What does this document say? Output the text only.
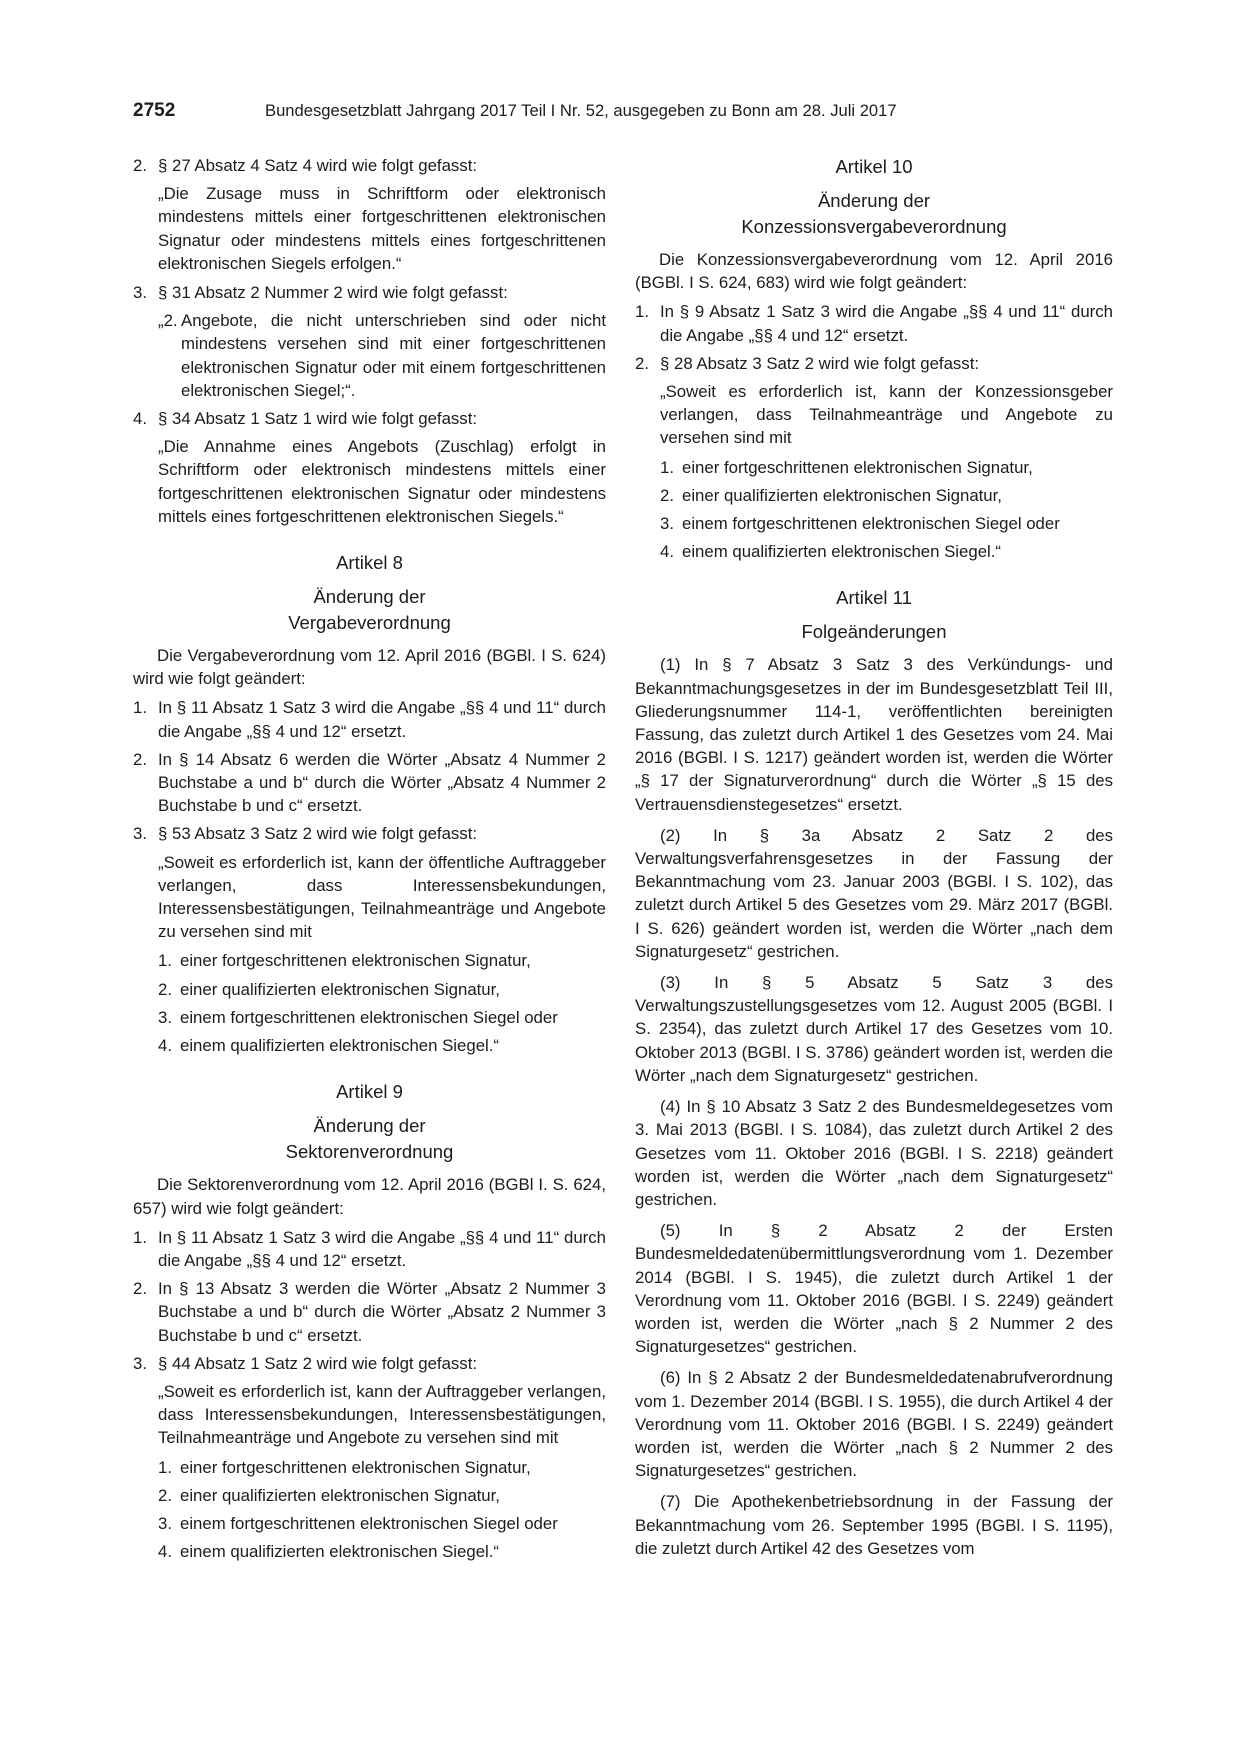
2752	Bundesgesetzblatt Jahrgang 2017 Teil I Nr. 52, ausgegeben zu Bonn am 28. Juli 2017
2. § 27 Absatz 4 Satz 4 wird wie folgt gefasst:
„Die Zusage muss in Schriftform oder elektronisch mindestens mittels einer fortgeschrittenen elektronischen Signatur oder mindestens mittels eines fortgeschrittenen elektronischen Siegels erfolgen.“
3. § 31 Absatz 2 Nummer 2 wird wie folgt gefasst:
„2. Angebote, die nicht unterschrieben sind oder nicht mindestens versehen sind mit einer fortgeschrittenen elektronischen Signatur oder mit einem fortgeschrittenen elektronischen Siegel;“.
4. § 34 Absatz 1 Satz 1 wird wie folgt gefasst:
„Die Annahme eines Angebots (Zuschlag) erfolgt in Schriftform oder elektronisch mindestens mittels einer fortgeschrittenen elektronischen Signatur oder mindestens mittels eines fortgeschrittenen elektronischen Siegels.“
Artikel 8
Änderung der
Vergabeverordnung
Die Vergabeverordnung vom 12. April 2016 (BGBl. I S. 624) wird wie folgt geändert:
1. In § 11 Absatz 1 Satz 3 wird die Angabe „§§ 4 und 11“ durch die Angabe „§§ 4 und 12“ ersetzt.
2. In § 14 Absatz 6 werden die Wörter „Absatz 4 Nummer 2 Buchstabe a und b“ durch die Wörter „Absatz 4 Nummer 2 Buchstabe b und c“ ersetzt.
3. § 53 Absatz 3 Satz 2 wird wie folgt gefasst:
„Soweit es erforderlich ist, kann der öffentliche Auftraggeber verlangen, dass Interessensbekundungen, Interessensbestätigungen, Teilnahmeanträge und Angebote zu versehen sind mit
1. einer fortgeschrittenen elektronischen Signatur,
2. einer qualifizierten elektronischen Signatur,
3. einem fortgeschrittenen elektronischen Siegel oder
4. einem qualifizierten elektronischen Siegel.“
Artikel 9
Änderung der
Sektorenverordnung
Die Sektorenverordnung vom 12. April 2016 (BGBl I. S. 624, 657) wird wie folgt geändert:
1. In § 11 Absatz 1 Satz 3 wird die Angabe „§§ 4 und 11“ durch die Angabe „§§ 4 und 12“ ersetzt.
2. In § 13 Absatz 3 werden die Wörter „Absatz 2 Nummer 3 Buchstabe a und b“ durch die Wörter „Absatz 2 Nummer 3 Buchstabe b und c“ ersetzt.
3. § 44 Absatz 1 Satz 2 wird wie folgt gefasst:
„Soweit es erforderlich ist, kann der Auftraggeber verlangen, dass Interessensbekundungen, Interessensbestätigungen, Teilnahmeanträge und Angebote zu versehen sind mit
1. einer fortgeschrittenen elektronischen Signatur,
2. einer qualifizierten elektronischen Signatur,
3. einem fortgeschrittenen elektronischen Siegel oder
4. einem qualifizierten elektronischen Siegel.“
Artikel 10
Änderung der
Konzessionsvergabeverordnung
Die Konzessionsvergabeverordnung vom 12. April 2016 (BGBl. I S. 624, 683) wird wie folgt geändert:
1. In § 9 Absatz 1 Satz 3 wird die Angabe „§§ 4 und 11“ durch die Angabe „§§ 4 und 12“ ersetzt.
2. § 28 Absatz 3 Satz 2 wird wie folgt gefasst:
„Soweit es erforderlich ist, kann der Konzessionsgeber verlangen, dass Teilnahmeanträge und Angebote zu versehen sind mit
1. einer fortgeschrittenen elektronischen Signatur,
2. einer qualifizierten elektronischen Signatur,
3. einem fortgeschrittenen elektronischen Siegel oder
4. einem qualifizierten elektronischen Siegel.“
Artikel 11
Folgeänderungen
(1) In § 7 Absatz 3 Satz 3 des Verkündungs- und Bekanntmachungsgesetzes in der im Bundesgesetzblatt Teil III, Gliederungsnummer 114-1, veröffentlichten bereinigten Fassung, das zuletzt durch Artikel 1 des Gesetzes vom 24. Mai 2016 (BGBl. I S. 1217) geändert worden ist, werden die Wörter „§ 17 der Signaturverordnung“ durch die Wörter „§ 15 des Vertrauensdienstegesetzes“ ersetzt.
(2) In § 3a Absatz 2 Satz 2 des Verwaltungsverfahrensgesetzes in der Fassung der Bekanntmachung vom 23. Januar 2003 (BGBl. I S. 102), das zuletzt durch Artikel 5 des Gesetzes vom 29. März 2017 (BGBl. I S. 626) geändert worden ist, werden die Wörter „nach dem Signaturgesetz“ gestrichen.
(3) In § 5 Absatz 5 Satz 3 des Verwaltungszustellungsgesetzes vom 12. August 2005 (BGBl. I S. 2354), das zuletzt durch Artikel 17 des Gesetzes vom 10. Oktober 2013 (BGBl. I S. 3786) geändert worden ist, werden die Wörter „nach dem Signaturgesetz“ gestrichen.
(4) In § 10 Absatz 3 Satz 2 des Bundesmeldegesetzes vom 3. Mai 2013 (BGBl. I S. 1084), das zuletzt durch Artikel 2 des Gesetzes vom 11. Oktober 2016 (BGBl. I S. 2218) geändert worden ist, werden die Wörter „nach dem Signaturgesetz“ gestrichen.
(5) In § 2 Absatz 2 der Ersten Bundesmeldedatenübermittlungsverordnung vom 1. Dezember 2014 (BGBl. I S. 1945), die zuletzt durch Artikel 1 der Verordnung vom 11. Oktober 2016 (BGBl. I S. 2249) geändert worden ist, werden die Wörter „nach § 2 Nummer 2 des Signaturgesetzes“ gestrichen.
(6) In § 2 Absatz 2 der Bundesmeldedatenabrufverordnung vom 1. Dezember 2014 (BGBl. I S. 1955), die durch Artikel 4 der Verordnung vom 11. Oktober 2016 (BGBl. I S. 2249) geändert worden ist, werden die Wörter „nach § 2 Nummer 2 des Signaturgesetzes“ gestrichen.
(7) Die Apothekenbetriebsordnung in der Fassung der Bekanntmachung vom 26. September 1995 (BGBl. I S. 1195), die zuletzt durch Artikel 42 des Gesetzes vom
